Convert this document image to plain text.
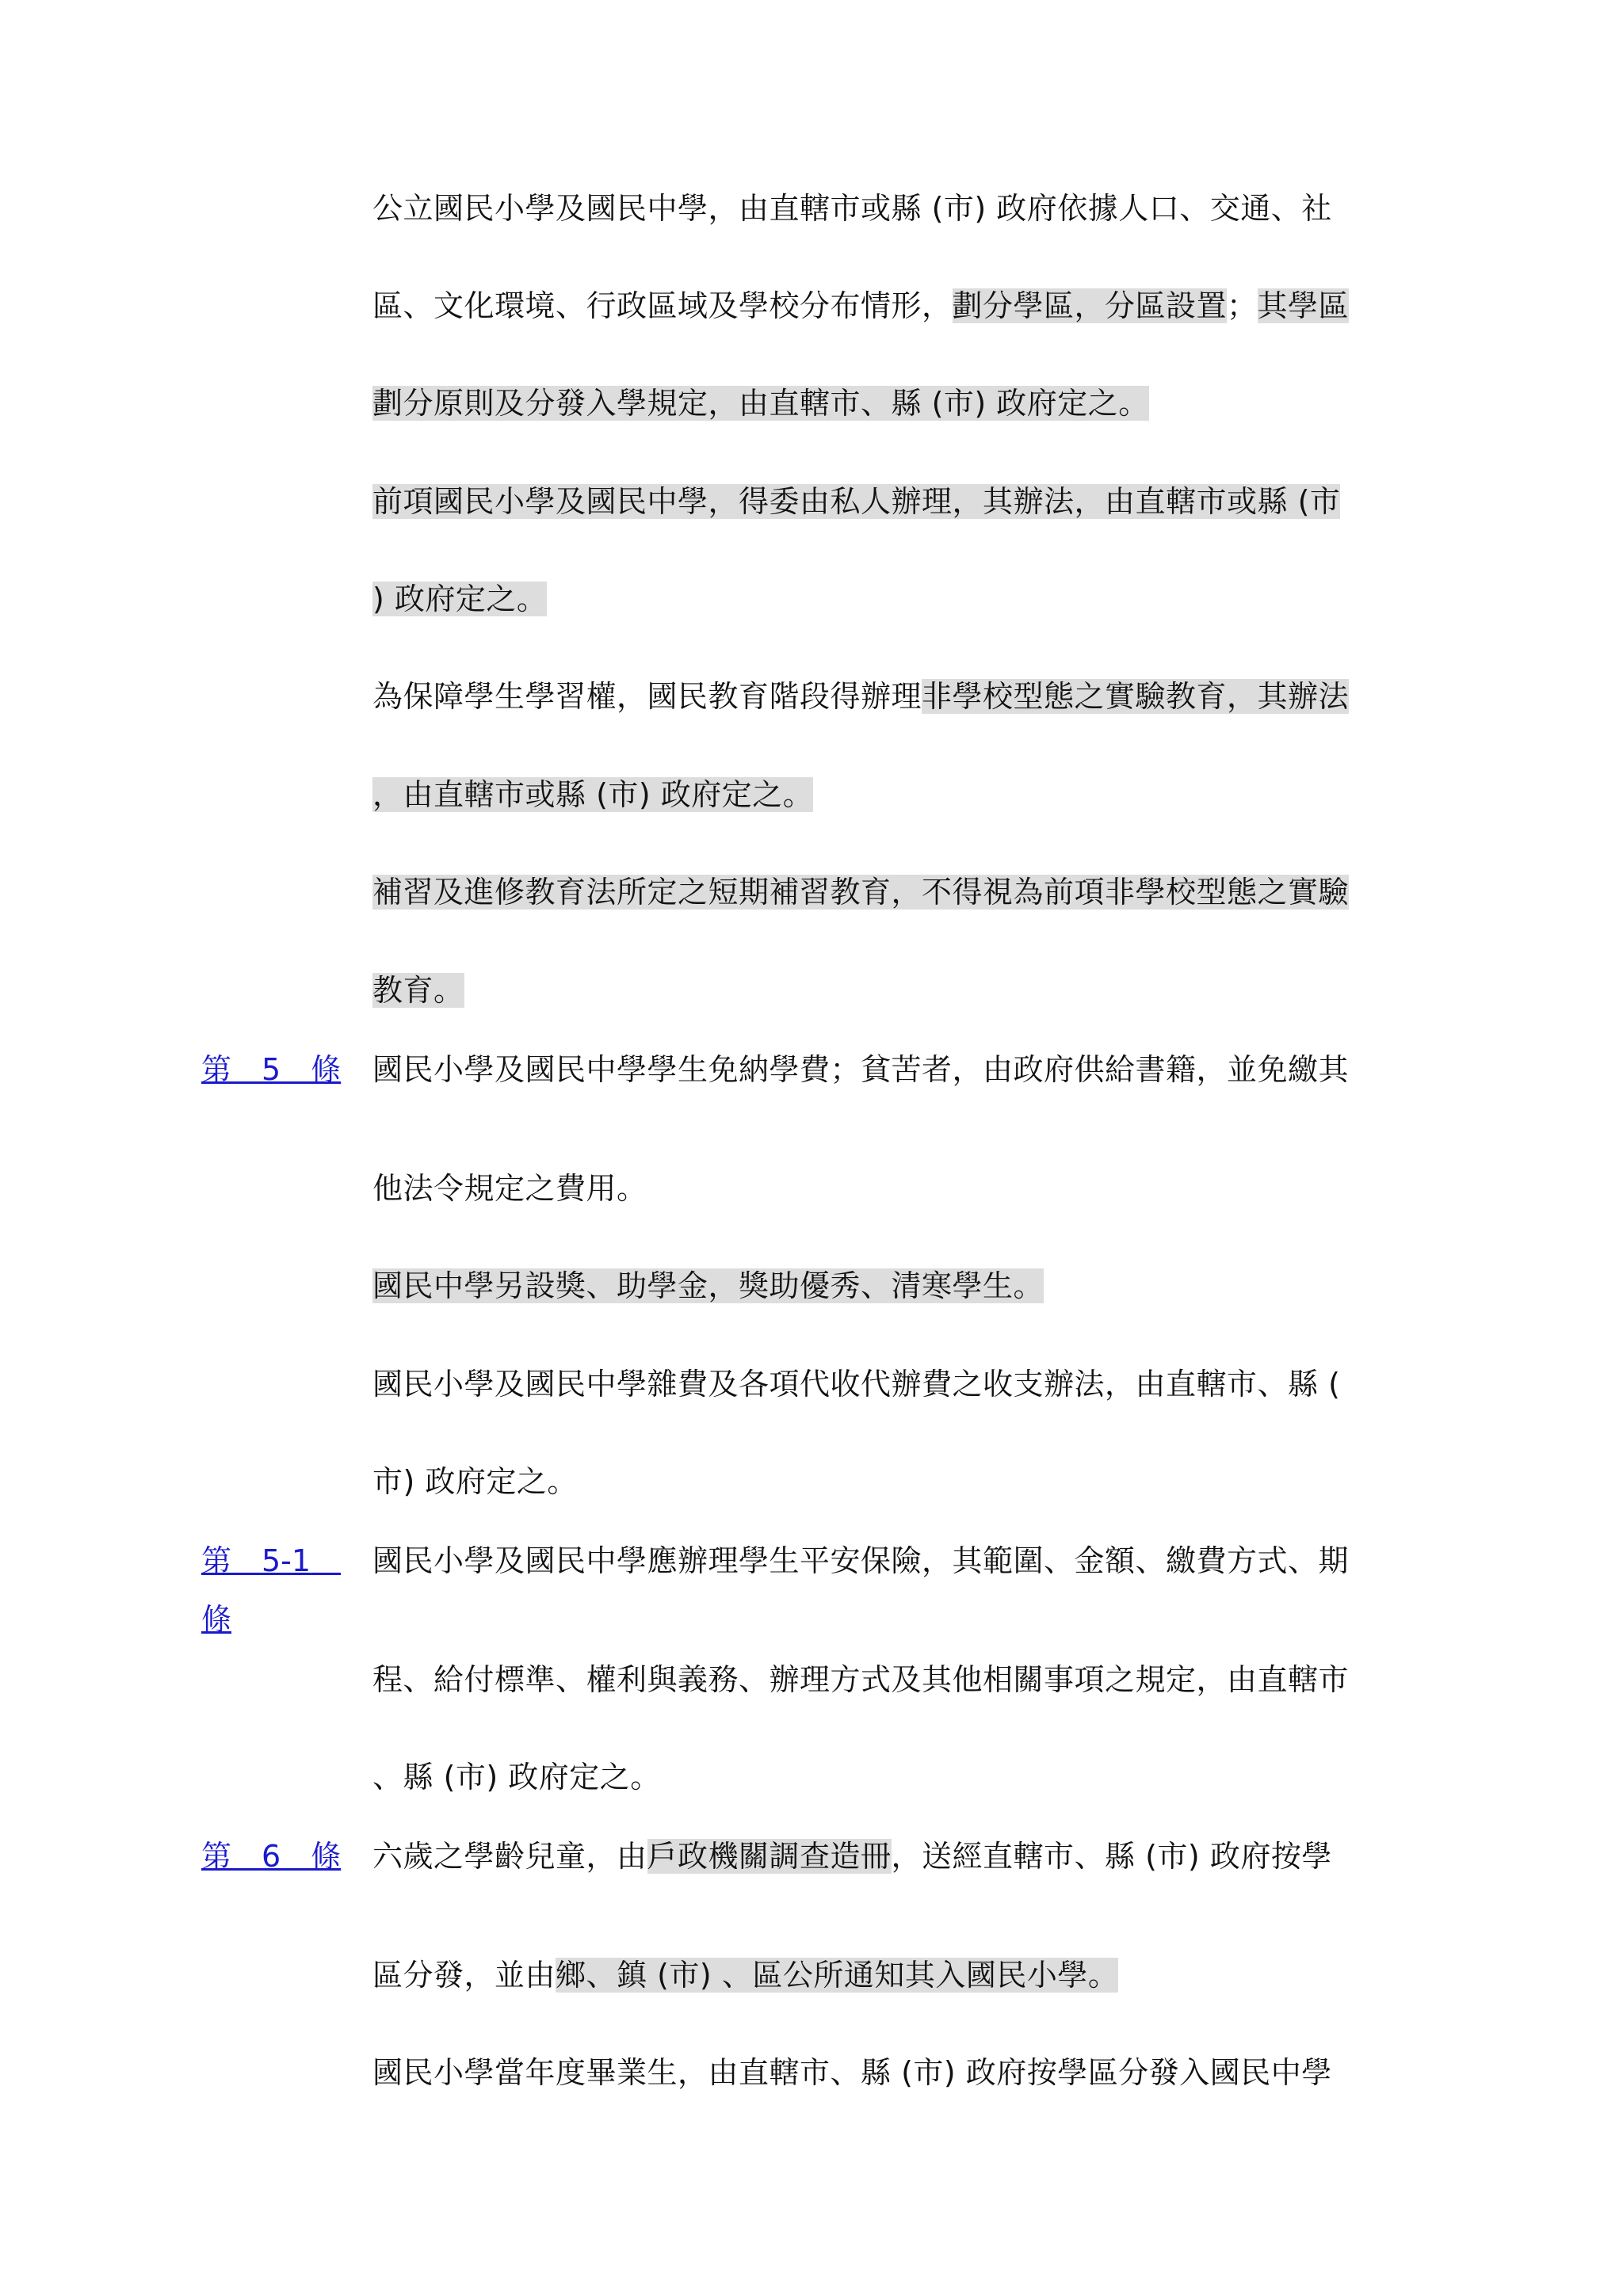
公立國民小學及國民中學，由直轄市或縣 (市) 政府依據人口、交通、社
區、文化環境、行政區域及學校分布情形，劃分學區，分區設置；其學區
劃分原則及分發入學規定，由直轄市、縣 (市) 政府定之。
前項國民小學及國民中學，得委由私人辦理，其辦法，由直轄市或縣 (市
) 政府定之。
為保障學生學習權，國民教育階段得辦理非學校型態之實驗教育，其辦法
，由直轄市或縣 (市) 政府定之。
補習及進修教育法所定之短期補習教育，不得視為前項非學校型態之實驗
教育。
第　5　條	國民小學及國民中學學生免納學費；貧苦者，由政府供給書籍，並免繳其
他法令規定之費用。
國民中學另設獎、助學金，獎助優秀、清寒學生。
國民小學及國民中學雜費及各項代收代辦費之收支辦法，由直轄市、縣 (
市) 政府定之。
第　5-1　條
國民小學及國民中學應辦理學生平安保險，其範圍、金額、繳費方式、期
程、給付標準、權利與義務、辦理方式及其他相關事項之規定，由直轄市
、縣 (市) 政府定之。
第　6　條	六歲之學齡兒童，由戶政機關調查造冊，送經直轄市、縣 (市) 政府按學
區分發，並由鄉、鎮 (市) 、區公所通知其入國民小學。
國民小學當年度畢業生，由直轄市、縣 (市) 政府按學區分發入國民中學
